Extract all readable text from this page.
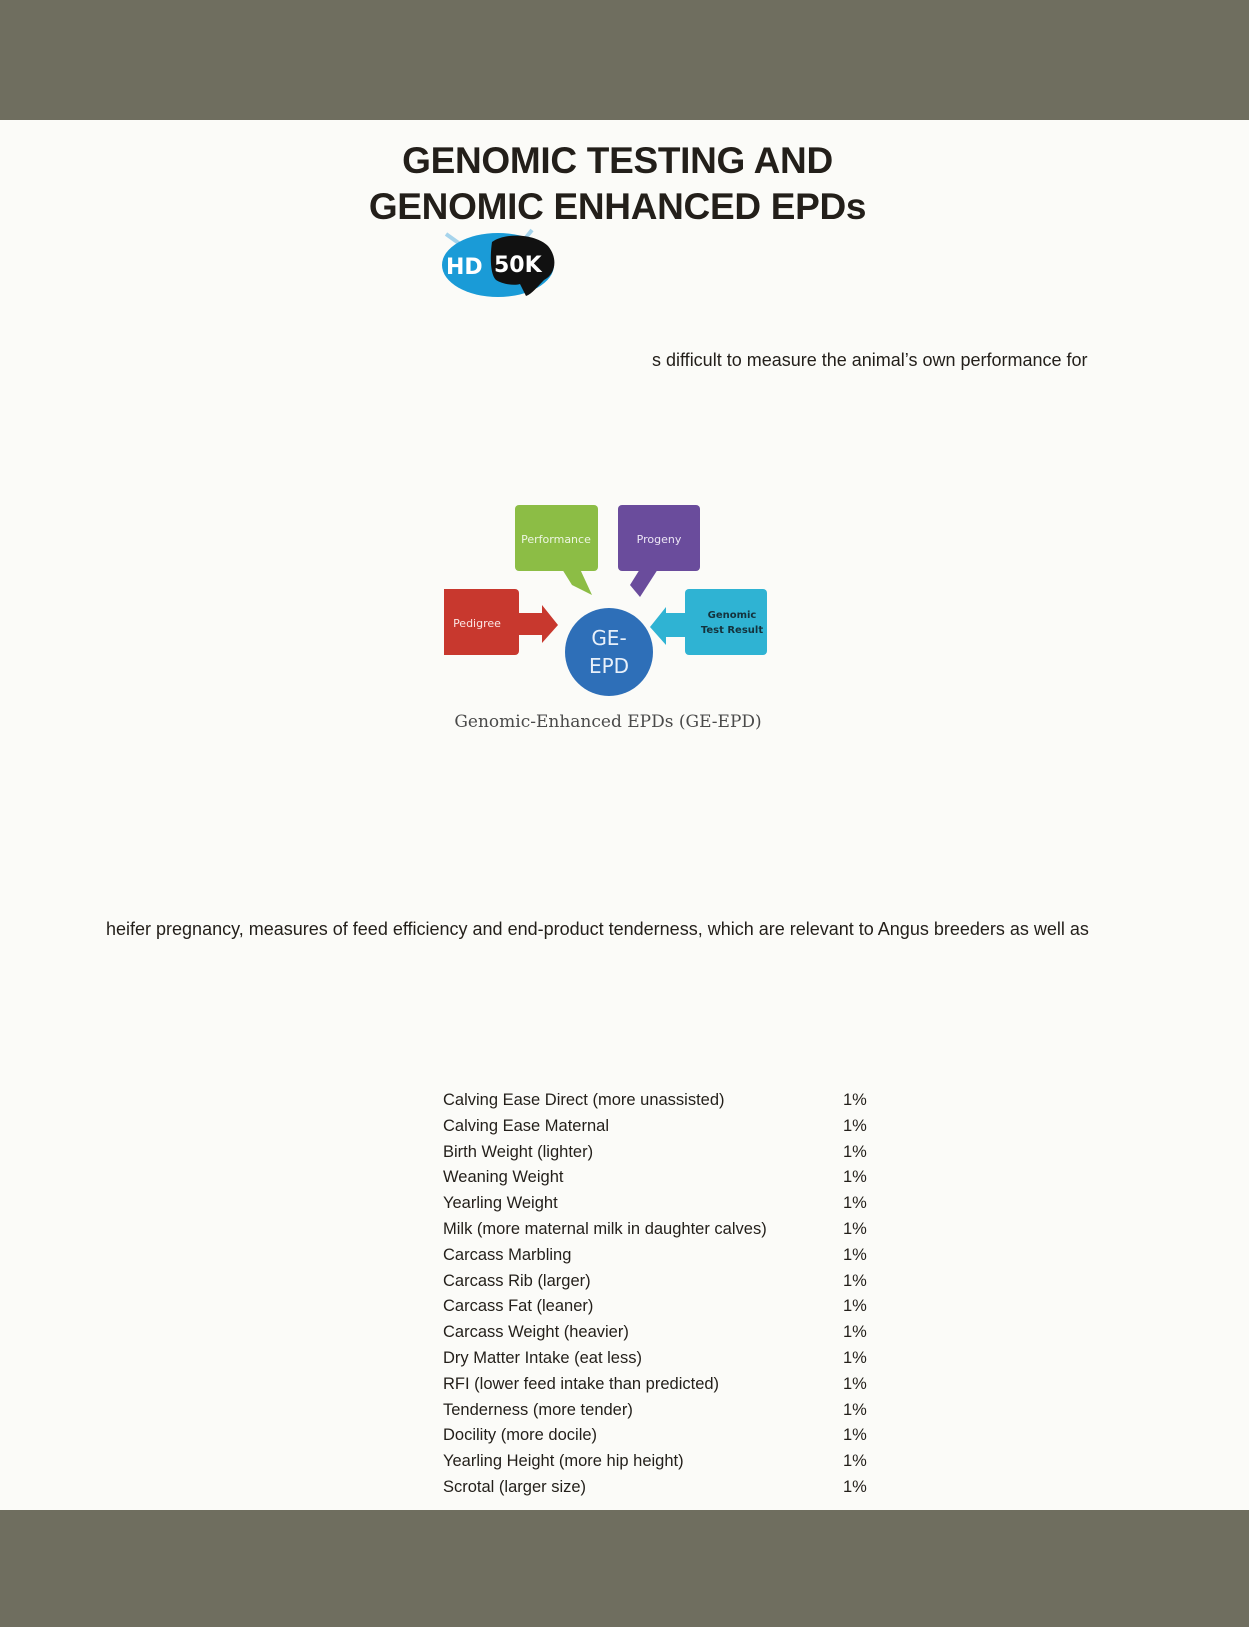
GENOMIC TESTING AND
GENOMIC ENHANCED EPDs
HD 50K
s difficult to measure the animal’s own performance for
Performance	Progeny
Pedigree
Genomic
Test Result
GE-
EPD
Genomic-Enhanced EPDs (GE-EPD)
heifer pregnancy, measures of feed efficiency and end-product tenderness, which are relevant to Angus breeders as well as
Calving Ease Direct (more unassisted)	1%
Calving Ease Maternal	1%
Birth Weight (lighter)	1%
Weaning Weight	1%
Yearling Weight	1%
Milk (more maternal milk in daughter calves)	1%
Carcass Marbling	1%
Carcass Rib (larger)	1%
Carcass Fat (leaner)	1%
Carcass Weight (heavier)	1%
Dry Matter Intake (eat less)	1%
RFI (lower feed intake than predicted)	1%
Tenderness (more tender)	1%
Docility (more docile)	1%
Yearling Height (more hip height)	1%
Scrotal (larger size)	1%
